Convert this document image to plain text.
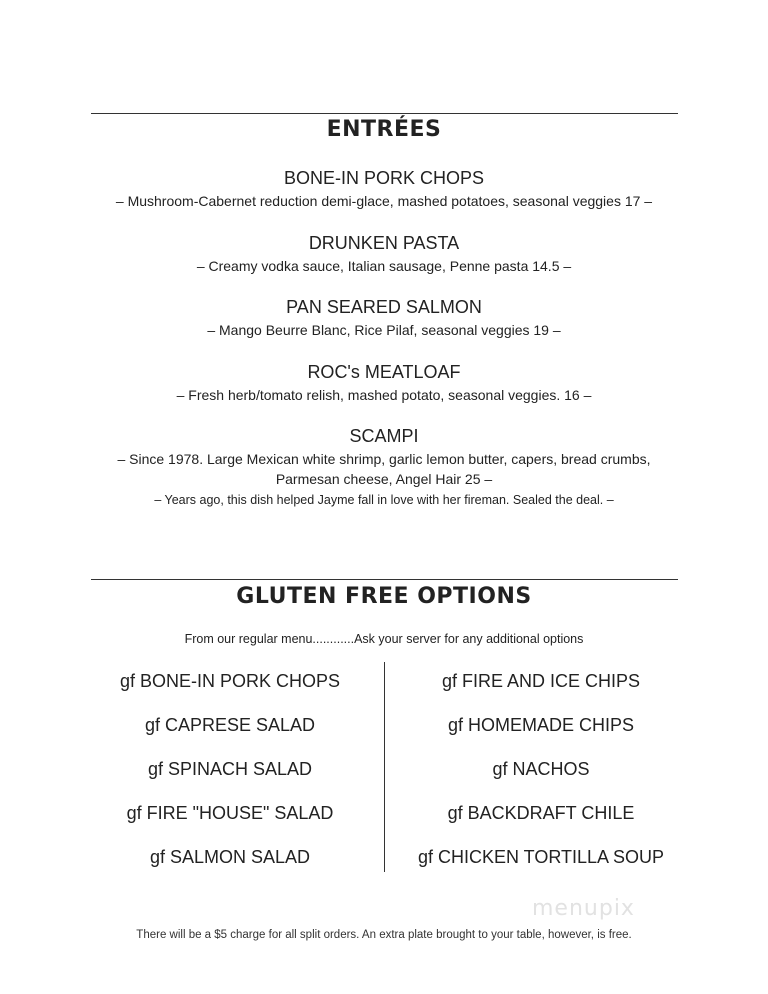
ENTRÉES
BONE-IN PORK CHOPS
– Mushroom-Cabernet reduction demi-glace, mashed potatoes, seasonal veggies 17 –
DRUNKEN PASTA
– Creamy vodka sauce, Italian sausage, Penne pasta 14.5 –
PAN SEARED SALMON
– Mango Beurre Blanc, Rice Pilaf, seasonal veggies 19 –
ROC's MEATLOAF
– Fresh herb/tomato relish, mashed potato, seasonal veggies. 16 –
SCAMPI
– Since 1978. Large Mexican white shrimp, garlic lemon butter, capers, bread crumbs,
Parmesan cheese, Angel Hair 25 –
– Years ago, this dish helped Jayme fall in love with her fireman. Sealed the deal. –
GLUTEN FREE OPTIONS
From our regular menu............Ask your server for any additional options
gf BONE-IN PORK CHOPS
gf CAPRESE SALAD
gf SPINACH SALAD
gf FIRE "HOUSE" SALAD
gf SALMON SALAD
gf FIRE AND ICE CHIPS
gf HOMEMADE CHIPS
gf NACHOS
gf BACKDRAFT CHILE
gf CHICKEN TORTILLA SOUP
menupix
There will be a $5 charge for all split orders. An extra plate brought to your table, however, is free.
